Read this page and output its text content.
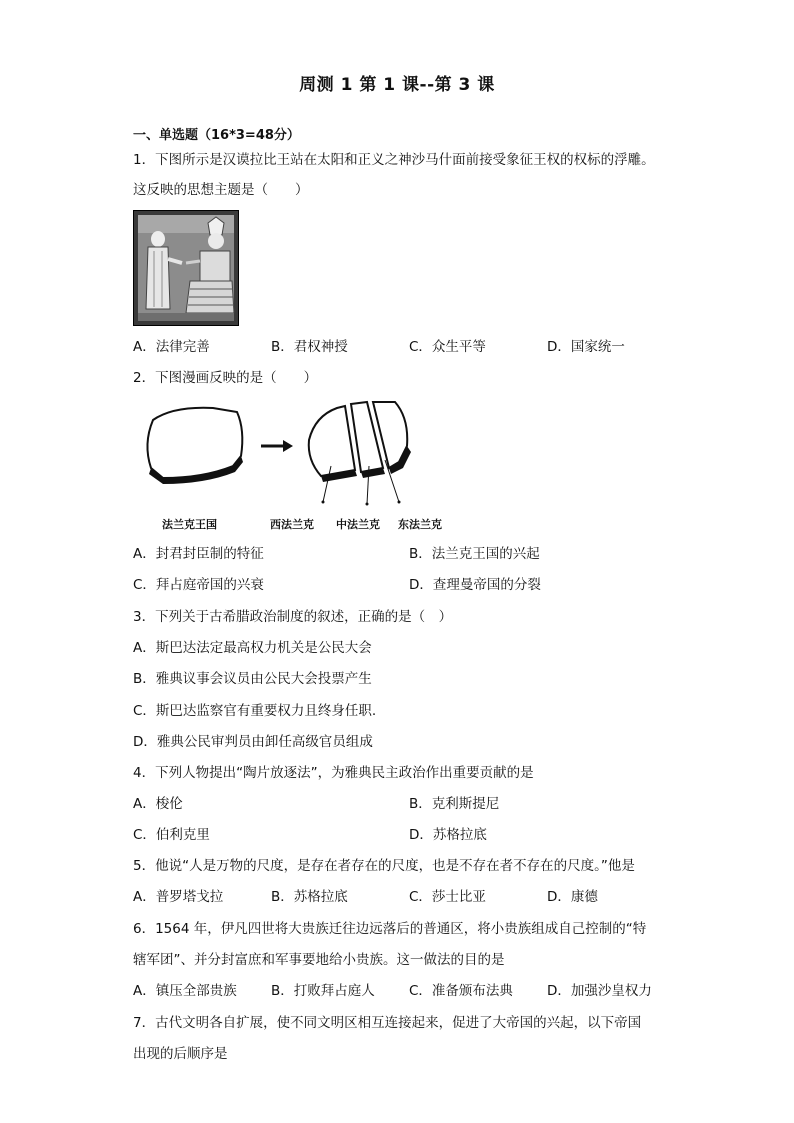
周测 1 第 1 课--第 3 课
一、单选题（16*3=48分）
1．下图所示是汉谟拉比王站在太阳和正义之神沙马什面前接受象征王权的权标的浮雕。
这反映的思想主题是（　　）
A．法律完善	B．君权神授	C．众生平等	D．国家统一
2．下图漫画反映的是（　　）
法兰克王国	西法兰克 中法兰克 东法兰克
A．封君封臣制的特征	B．法兰克王国的兴起
C．拜占庭帝国的兴衰	D．查理曼帝国的分裂
3．下列关于古希腊政治制度的叙述，正确的是（　）
A．斯巴达法定最高权力机关是公民大会
B．雅典议事会议员由公民大会投票产生
C．斯巴达监察官有重要权力且终身任职.
D．雅典公民审判员由卸任高级官员组成
4．下列人物提出“陶片放逐法”，为雅典民主政治作出重要贡献的是
A．梭伦	B．克利斯提尼
C．伯利克里	D．苏格拉底
5．他说“人是万物的尺度，是存在者存在的尺度，也是不存在者不存在的尺度。”他是
A．普罗塔戈拉	B．苏格拉底	C．莎士比亚	D．康德
6．1564 年，伊凡四世将大贵族迁往边远落后的普通区，将小贵族组成自己控制的“特
辖军团”、并分封富庶和军事要地给小贵族。这一做法的目的是
A．镇压全部贵族	B．打败拜占庭人	C．准备颁布法典	D．加强沙皇权力
7．古代文明各自扩展，使不同文明区相互连接起来，促进了大帝国的兴起，以下帝国
出现的后顺序是
